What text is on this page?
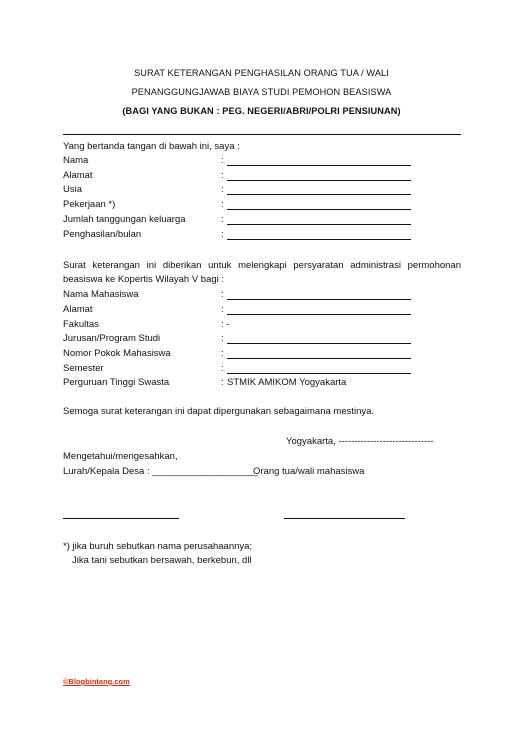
SURAT KETERANGAN PENGHASILAN ORANG TUA / WALI
PENANGGUNGJAWAB BIAYA STUDI PEMOHON BEASISWA
(BAGI YANG BUKAN : PEG. NEGERI/ABRI/POLRI PENSIUNAN)
Yang bertanda tangan di bawah ini, saya :
Nama	:
Alamat	:
Usia	:
Pekerjaan *)	:
Jumlah tanggungan keluarga	:
Penghasilan/bulan	:
Surat keterangan ini diberikan untuk melengkapi persyaratan administrasi permohonan beasiswa ke Kopertis Wilayah V bagi :
Nama Mahasiswa	:
Alamat	:
Fakultas	: -
Jurusan/Program Studi	:
Nomor Pokok Mahasiswa	:
Semester	:
Perguruan Tinggi Swasta	: STMIK AMIKOM Yogyakarta
Semoga surat keterangan ini dapat dipergunakan sebagaimana mestinya.
Yogyakarta, ------------------------------
Mengetahui/mengesahkan,
Lurah/Kepala Desa : ____________________
Orang tua/wali mahasiswa
*) jika buruh sebutkan nama perusahaannya;
Jika tani sebutkan bersawah, berkebun, dll
©Blogbintang.com
